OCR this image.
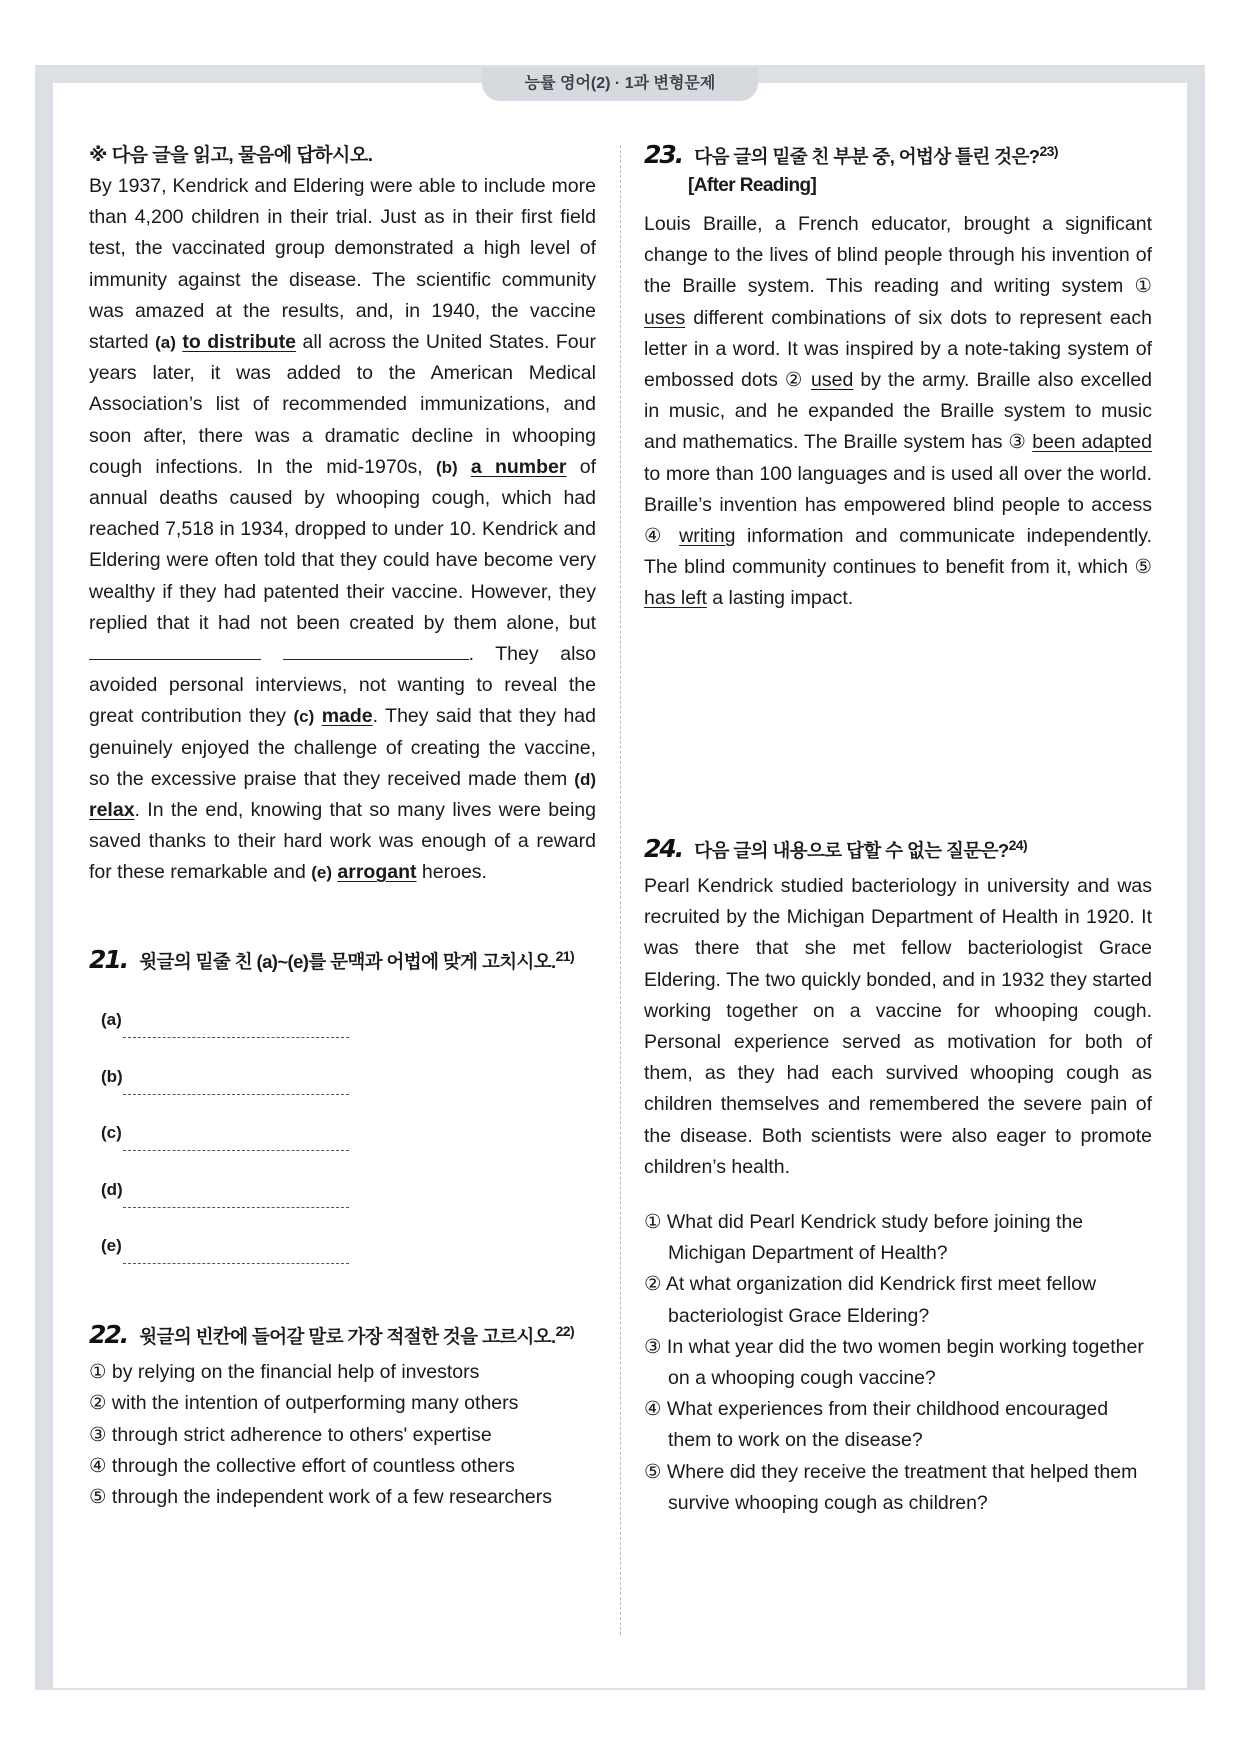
능률 영어(2) · 1과 변형문제

※ 다음 글을 읽고, 물음에 답하시오.

By 1937, Kendrick and Eldering were able to include more than 4,200 children in their trial. Just as in their first field test, the vaccinated group demonstrated a high level of immunity against the disease. The scientific community was amazed at the results, and, in 1940, the vaccine started (a) to distribute all across the United States. Four years later, it was added to the American Medical Association’s list of recommended immunizations, and soon after, there was a dramatic decline in whooping cough infections. In the mid-1970s, (b) a number of annual deaths caused by whooping cough, which had reached 7,518 in 1934, dropped to under 10. Kendrick and Eldering were often told that they could have become very wealthy if they had patented their vaccine. However, they replied that it had not been created by them alone, but  . They also avoided personal interviews, not wanting to reveal the great contribution they (c) made. They said that they had genuinely enjoyed the challenge of creating the vaccine, so the excessive praise that they received made them (d) relax. In the end, knowing that so many lives were being saved thanks to their hard work was enough of a reward for these remarkable and (e) arrogant heroes.

21. 윗글의 밑줄 친 (a)~(e)를 문맥과 어법에 맞게 고치시오.$^{21)}$
(a)
(b)
(c)
(d)
(e)
22. 윗글의 빈칸에 들어갈 말로 가장 적절한 것을 고르시오.$^{22)}$
① by relying on the financial help of investors
② with the intention of outperforming many others
③ through strict adherence to others' expertise
④ through the collective effort of countless others
⑤ through the independent work of a few researchers
23. 다음 글의 밑줄 친 부분 중, 어법상 틀린 것은?$^{23)}$
[After Reading]

Louis Braille, a French educator, brought a significant change to the lives of blind people through his invention of the Braille system. This reading and writing system ① uses different combinations of six dots to represent each letter in a word. It was inspired by a note-taking system of embossed dots ② used by the army. Braille also excelled in music, and he expanded the Braille system to music and mathematics. The Braille system has ③ been adapted to more than 100 languages and is used all over the world. Braille’s invention has empowered blind people to access ④ writing information and communicate independently. The blind community continues to benefit from it, which ⑤ has left a lasting impact.

24. 다음 글의 내용으로 답할 수 없는 질문은?$^{24)}$

Pearl Kendrick studied bacteriology in university and was recruited by the Michigan Department of Health in 1920. It was there that she met fellow bacteriologist Grace Eldering. The two quickly bonded, and in 1932 they started working together on a vaccine for whooping cough. Personal experience served as motivation for both of them, as they had each survived whooping cough as children themselves and remembered the severe pain of the disease. Both scientists were also eager to promote children’s health.

① What did Pearl Kendrick study before joining the Michigan Department of Health?
② At what organization did Kendrick first meet fellow bacteriologist Grace Eldering?
③ In what year did the two women begin working together on a whooping cough vaccine?
④ What experiences from their childhood encouraged them to work on the disease?
⑤ Where did they receive the treatment that helped them survive whooping cough as children?
